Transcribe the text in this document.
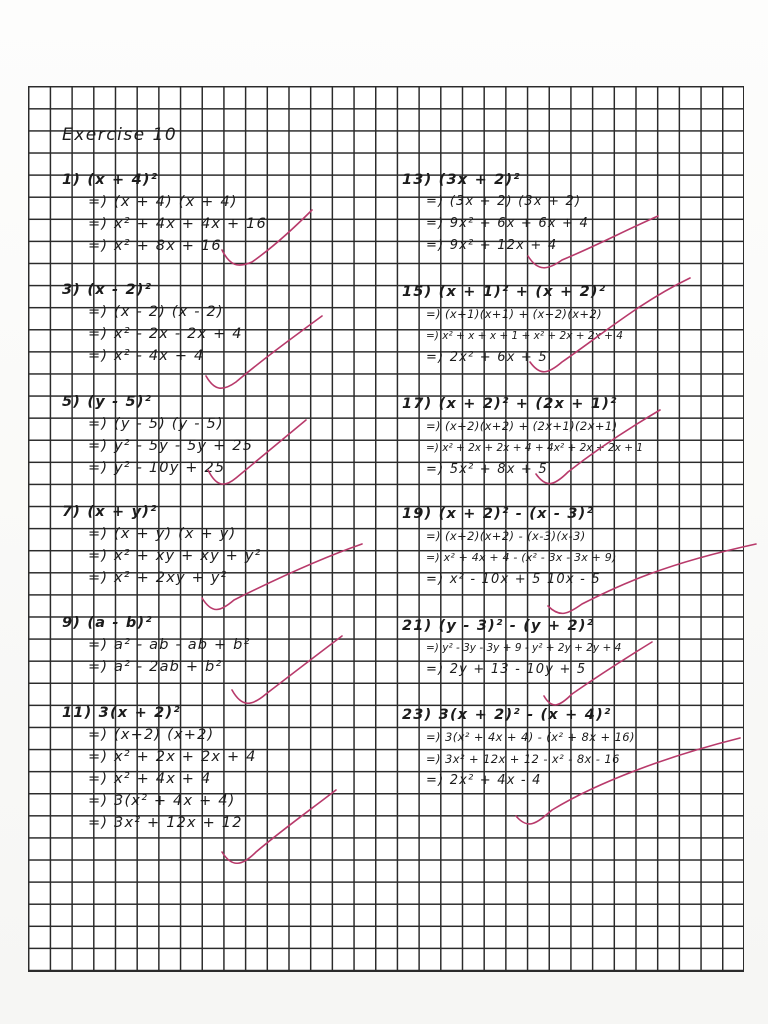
Exercise 10
1) (x + 4)²
=) (x + 4) (x + 4)
=) x² + 4x + 4x + 16
=) x² + 8x + 16
3) (x - 2)²
=) (x - 2) (x - 2)
=) x² - 2x - 2x + 4
=) x² - 4x + 4
5) (y - 5)²
=) (y - 5) (y - 5)
=) y² - 5y - 5y + 25
=) y² - 10y + 25
7) (x + y)²
=) (x + y) (x + y)
=) x² + xy + xy + y²
=) x² + 2xy + y²
9) (a - b)²
=) a² - ab - ab + b²
=) a² - 2ab + b²
11) 3(x + 2)²
=) (x+2) (x+2)
=) x² + 2x + 2x + 4
=) x² + 4x + 4
=) 3(x² + 4x + 4)
=) 3x² + 12x + 12
13) (3x + 2)²
=) (3x + 2) (3x + 2)
=) 9x² + 6x + 6x + 4
=) 9x² + 12x + 4
15) (x + 1)² + (x + 2)²
=) (x+1)(x+1) + (x+2)(x+2)
=) x² + x + x + 1 + x² + 2x + 2x + 4
=) 2x² + 6x + 5
17) (x + 2)² + (2x + 1)²
=) (x+2)(x+2) + (2x+1)(2x+1)
=) x² + 2x + 2x + 4 + 4x² + 2x + 2x + 1
=) 5x² + 8x + 5
19) (x + 2)² - (x - 3)²
=) (x+2)(x+2) - (x-3)(x-3)
=) x² + 4x + 4 - (x² - 3x - 3x + 9)
=) x² - 10x + 5 10x - 5
21) (y - 3)² - (y + 2)²
=) y² - 3y - 3y + 9 - y² + 2y + 2y + 4
=) 2y + 13 - 10y + 5
23) 3(x + 2)² - (x + 4)²
=) 3(x² + 4x + 4) - (x² + 8x + 16)
=) 3x² + 12x + 12 - x² - 8x - 16
=) 2x² + 4x - 4
